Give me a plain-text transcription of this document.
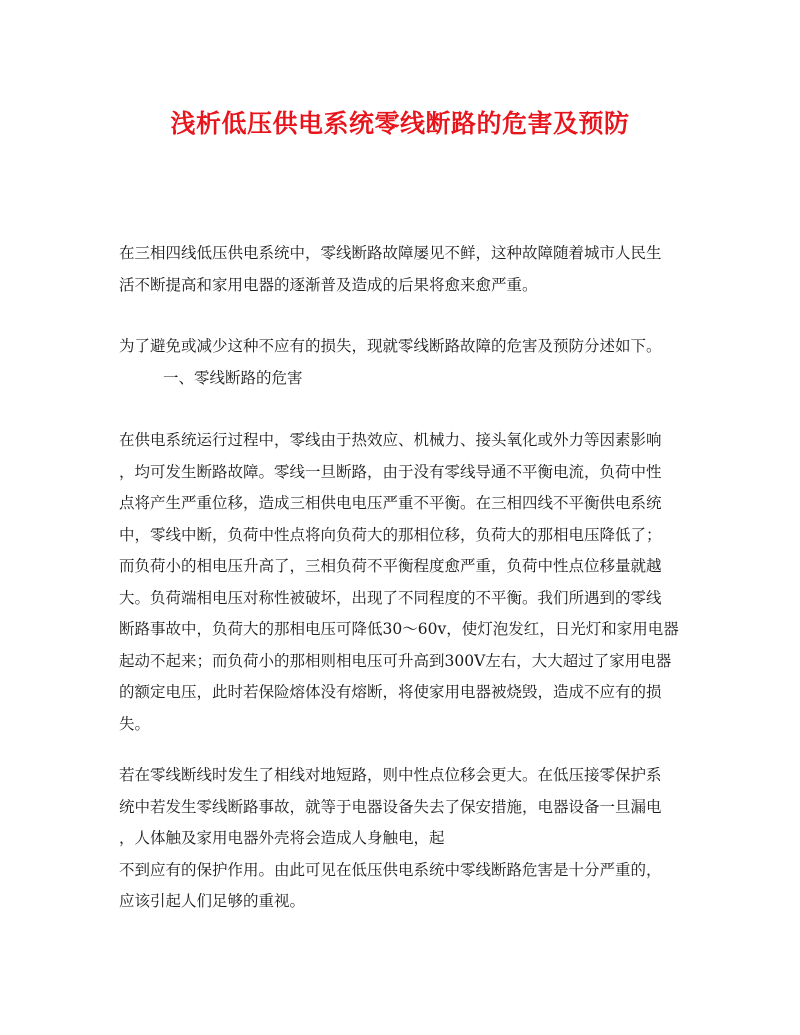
浅析低压供电系统零线断路的危害及预防
在三相四线低压供电系统中，零线断路故障屡见不鲜，这种故障随着城市人民生
活不断提高和家用电器的逐渐普及造成的后果将愈来愈严重。
为了避免或减少这种不应有的损失，现就零线断路故障的危害及预防分述如下。
一、零线断路的危害
在供电系统运行过程中，零线由于热效应、机械力、接头氧化或外力等因素影响
，均可发生断路故障。零线一旦断路，由于没有零线导通不平衡电流，负荷中性
点将产生严重位移，造成三相供电电压严重不平衡。在三相四线不平衡供电系统
中，零线中断，负荷中性点将向负荷大的那相位移，负荷大的那相电压降低了；
而负荷小的相电压升高了，三相负荷不平衡程度愈严重，负荷中性点位移量就越
大。负荷端相电压对称性被破坏，出现了不同程度的不平衡。我们所遇到的零线
断路事故中，负荷大的那相电压可降低30～60v，使灯泡发红，日光灯和家用电器
起动不起来；而负荷小的那相则相电压可升高到300V左右，大大超过了家用电器
的额定电压，此时若保险熔体没有熔断，将使家用电器被烧毁，造成不应有的损
失。
若在零线断线时发生了相线对地短路，则中性点位移会更大。在低压接零保护系
统中若发生零线断路事故，就等于电器设备失去了保安措施，电器设备一旦漏电
，人体触及家用电器外壳将会造成人身触电，起
不到应有的保护作用。由此可见在低压供电系统中零线断路危害是十分严重的，
应该引起人们足够的重视。
